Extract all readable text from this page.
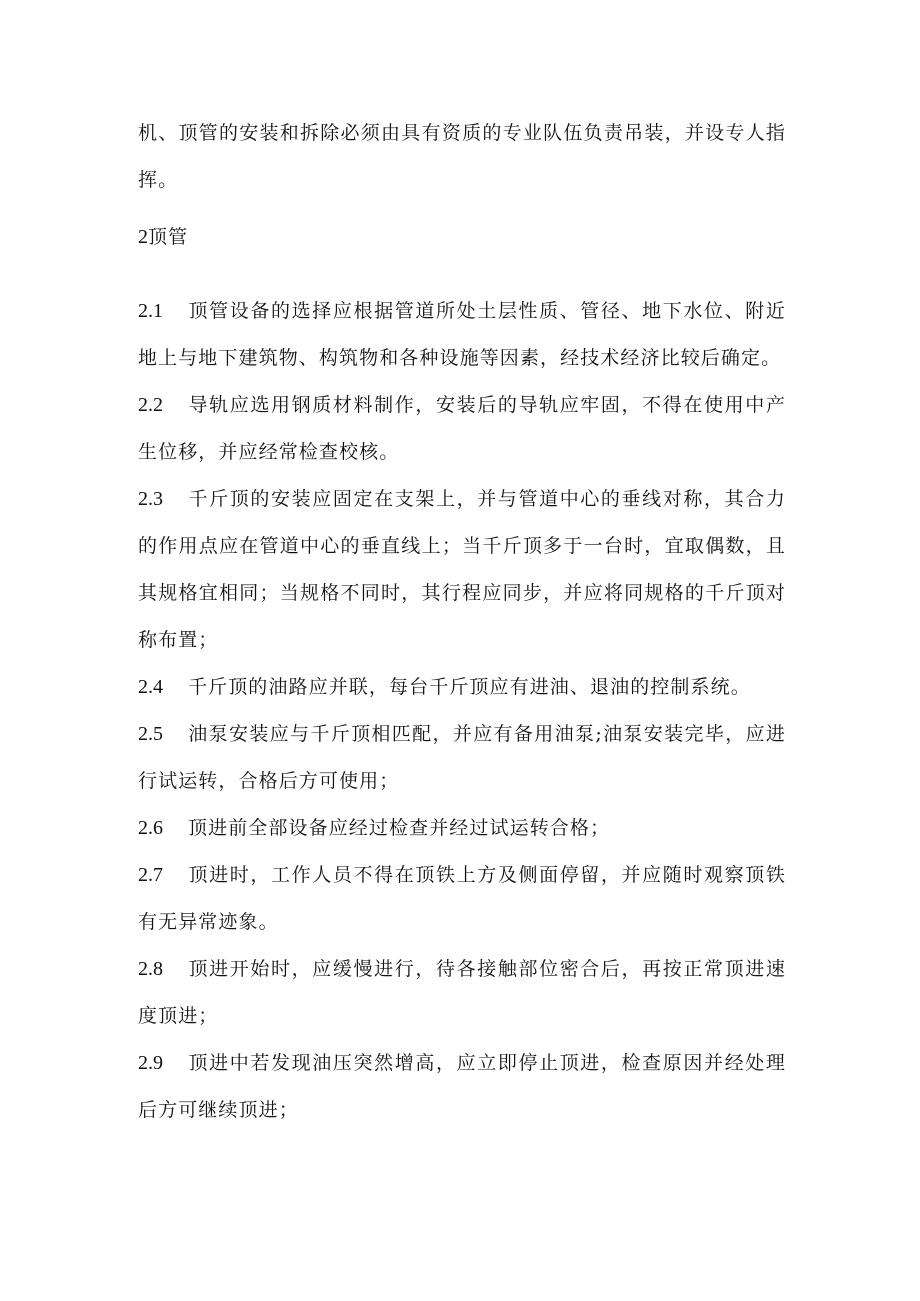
机、顶管的安装和拆除必须由具有资质的专业队伍负责吊装，并设专人指挥。

2顶管

2.1 顶管设备的选择应根据管道所处土层性质、管径、地下水位、附近地上与地下建筑物、构筑物和各种设施等因素，经技术经济比较后确定。

2.2 导轨应选用钢质材料制作，安装后的导轨应牢固，不得在使用中产生位移，并应经常检查校核。

2.3 千斤顶的安装应固定在支架上，并与管道中心的垂线对称，其合力的作用点应在管道中心的垂直线上；当千斤顶多于一台时，宜取偶数，且其规格宜相同；当规格不同时，其行程应同步，并应将同规格的千斤顶对称布置；

2.4 千斤顶的油路应并联，每台千斤顶应有进油、退油的控制系统。

2.5 油泵安装应与千斤顶相匹配，并应有备用油泵;油泵安装完毕，应进行试运转，合格后方可使用；

2.6 顶进前全部设备应经过检查并经过试运转合格；

2.7 顶进时，工作人员不得在顶铁上方及侧面停留，并应随时观察顶铁有无异常迹象。

2.8 顶进开始时，应缓慢进行，待各接触部位密合后，再按正常顶进速度顶进；

2.9 顶进中若发现油压突然增高，应立即停止顶进，检查原因并经处理后方可继续顶进；
